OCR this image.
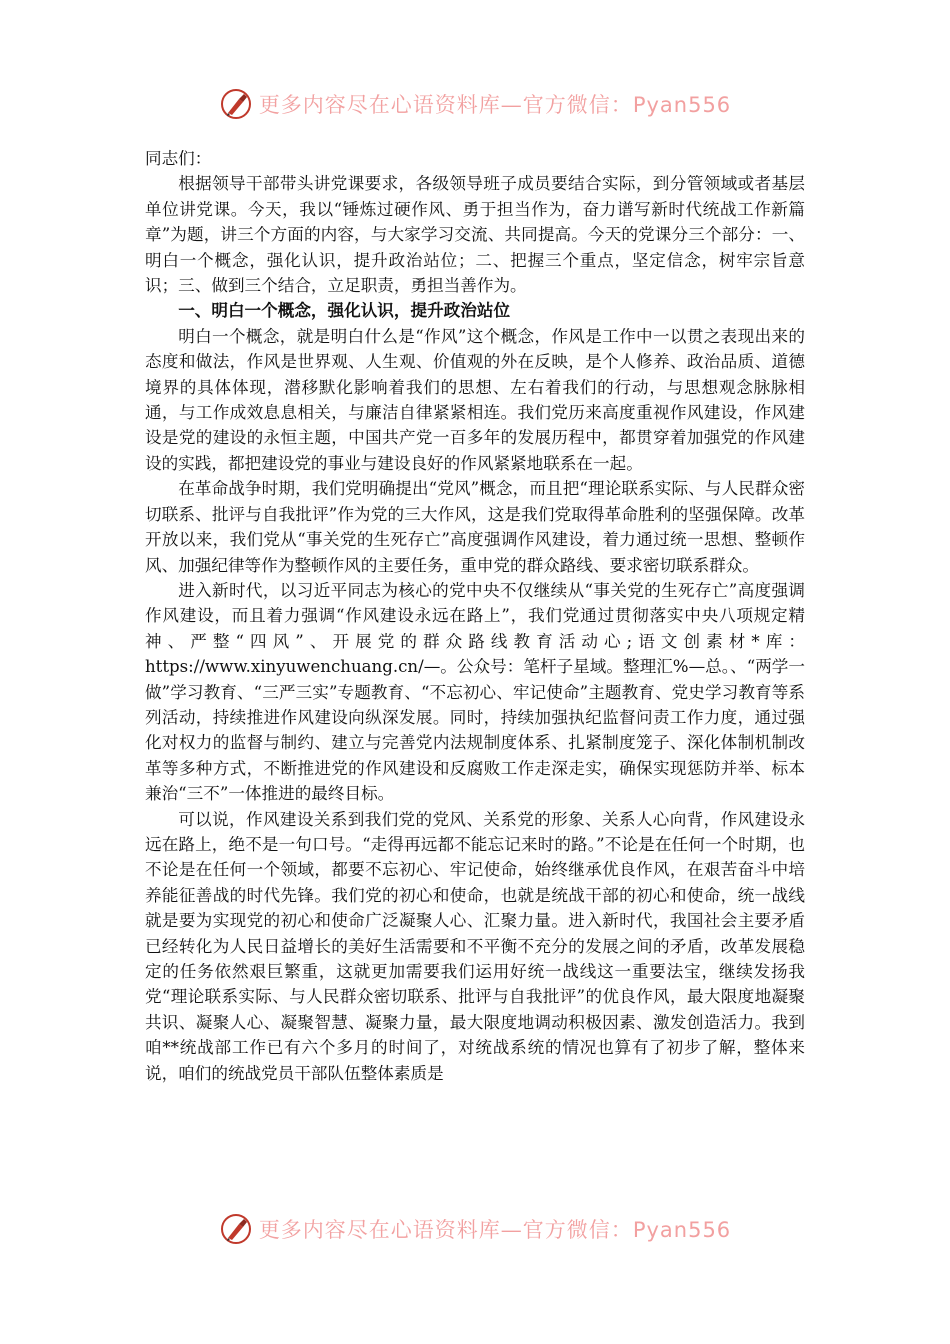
更多内容尽在心语资料库—官方微信：Pyan556

同志们：

根据领导干部带头讲党课要求，各级领导班子成员要结合实际，到分管领域或者基层单位讲党课。今天，我以“锤炼过硬作风、勇于担当作为，奋力谱写新时代统战工作新篇章”为题，讲三个方面的内容，与大家学习交流、共同提高。今天的党课分三个部分：一、明白一个概念，强化认识，提升政治站位；二、把握三个重点，坚定信念，树牢宗旨意识；三、做到三个结合，立足职责，勇担当善作为。

一、明白一个概念，强化认识，提升政治站位

明白一个概念，就是明白什么是“作风”这个概念，作风是工作中一以贯之表现出来的态度和做法，作风是世界观、人生观、价值观的外在反映，是个人修养、政治品质、道德境界的具体体现，潜移默化影响着我们的思想、左右着我们的行动，与思想观念脉脉相通，与工作成效息息相关，与廉洁自律紧紧相连。我们党历来高度重视作风建设，作风建设是党的建设的永恒主题，中国共产党一百多年的发展历程中，都贯穿着加强党的作风建设的实践，都把建设党的事业与建设良好的作风紧紧地联系在一起。

在革命战争时期，我们党明确提出“党风”概念，而且把“理论联系实际、与人民群众密切联系、批评与自我批评”作为党的三大作风，这是我们党取得革命胜利的坚强保障。改革开放以来，我们党从“事关党的生死存亡”高度强调作风建设，着力通过统一思想、整顿作风、加强纪律等作为整顿作风的主要任务，重申党的群众路线、要求密切联系群众。

进入新时代，以习近平同志为核心的党中央不仅继续从“事关党的生死存亡”高度强调作风建设，而且着力强调“作风建设永远在路上”，我们党通过贯彻落实中央八项规定精神、严整“四风”、开展党的群众路线教育活动心;语文创素材*库：https://www.xinyuwenchuang.cn/—。公众号：笔杆子星域。整理汇%—总。、“两学一做”学习教育、“三严三实”专题教育、“不忘初心、牢记使命”主题教育、党史学习教育等系列活动，持续推进作风建设向纵深发展。同时，持续加强执纪监督问责工作力度，通过强化对权力的监督与制约、建立与完善党内法规制度体系、扎紧制度笼子、深化体制机制改革等多种方式，不断推进党的作风建设和反腐败工作走深走实，确保实现惩防并举、标本兼治“三不”一体推进的最终目标。

可以说，作风建设关系到我们党的党风、关系党的形象、关系人心向背，作风建设永远在路上，绝不是一句口号。“走得再远都不能忘记来时的路。”不论是在任何一个时期，也不论是在任何一个领域，都要不忘初心、牢记使命，始终继承优良作风，在艰苦奋斗中培养能征善战的时代先锋。我们党的初心和使命，也就是统战干部的初心和使命，统一战线就是要为实现党的初心和使命广泛凝聚人心、汇聚力量。进入新时代，我国社会主要矛盾已经转化为人民日益增长的美好生活需要和不平衡不充分的发展之间的矛盾，改革发展稳定的任务依然艰巨繁重，这就更加需要我们运用好统一战线这一重要法宝，继续发扬我党“理论联系实际、与人民群众密切联系、批评与自我批评”的优良作风，最大限度地凝聚共识、凝聚人心、凝聚智慧、凝聚力量，最大限度地调动积极因素、激发创造活力。我到咱**统战部工作已有六个多月的时间了，对统战系统的情况也算有了初步了解，整体来说，咱们的统战党员干部队伍整体素质是

更多内容尽在心语资料库—官方微信：Pyan556
